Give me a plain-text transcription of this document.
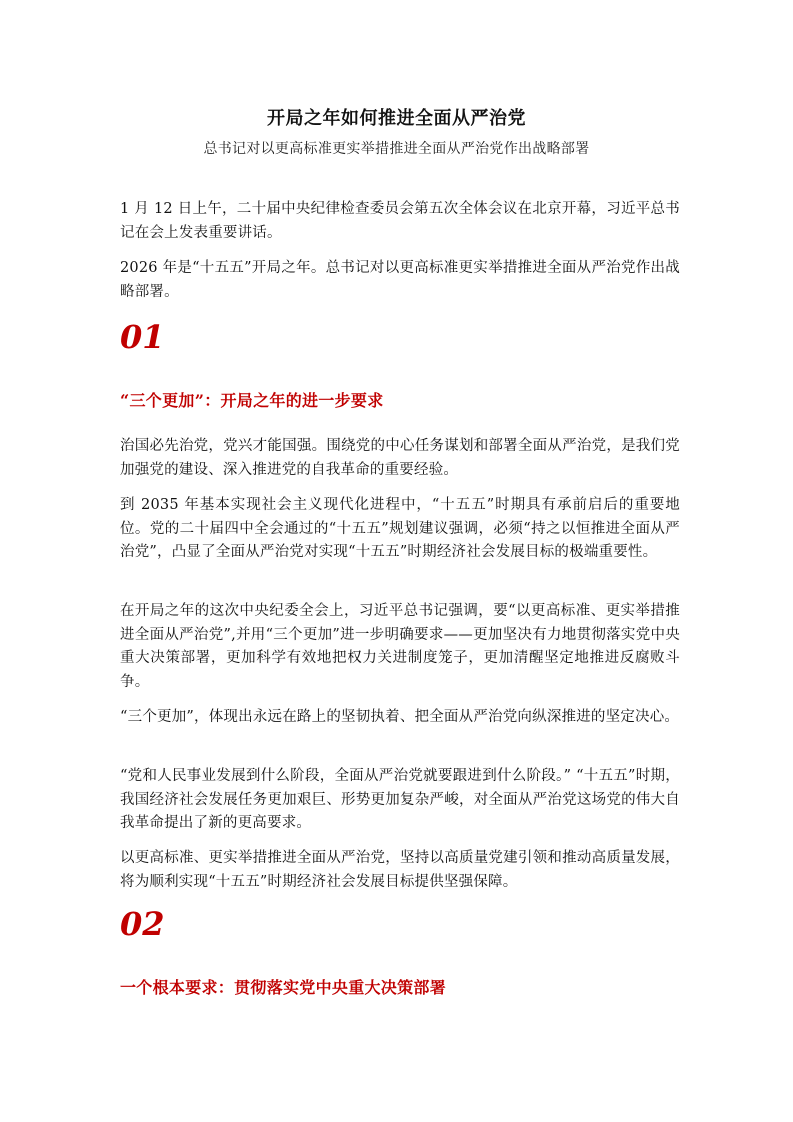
开局之年如何推进全面从严治党
总书记对以更高标准更实举措推进全面从严治党作出战略部署
1 月 12 日上午，二十届中央纪律检查委员会第五次全体会议在北京开幕，习近平总书记在会上发表重要讲话。
2026 年是“十五五”开局之年。总书记对以更高标准更实举措推进全面从严治党作出战略部署。
01
“三个更加”：开局之年的进一步要求
治国必先治党，党兴才能国强。围绕党的中心任务谋划和部署全面从严治党，是我们党加强党的建设、深入推进党的自我革命的重要经验。
到 2035 年基本实现社会主义现代化进程中，“十五五”时期具有承前启后的重要地位。党的二十届四中全会通过的“十五五”规划建议强调，必须“持之以恒推进全面从严治党”，凸显了全面从严治党对实现“十五五”时期经济社会发展目标的极端重要性。
在开局之年的这次中央纪委全会上，习近平总书记强调，要“以更高标准、更实举措推进全面从严治党”,并用“三个更加”进一步明确要求——更加坚决有力地贯彻落实党中央重大决策部署，更加科学有效地把权力关进制度笼子，更加清醒坚定地推进反腐败斗争。
“三个更加”，体现出永远在路上的坚韧执着、把全面从严治党向纵深推进的坚定决心。
“党和人民事业发展到什么阶段，全面从严治党就要跟进到什么阶段。” “十五五”时期，我国经济社会发展任务更加艰巨、形势更加复杂严峻，对全面从严治党这场党的伟大自我革命提出了新的更高要求。
以更高标准、更实举措推进全面从严治党，坚持以高质量党建引领和推动高质量发展，将为顺利实现“十五五”时期经济社会发展目标提供坚强保障。
02
一个根本要求：贯彻落实党中央重大决策部署
